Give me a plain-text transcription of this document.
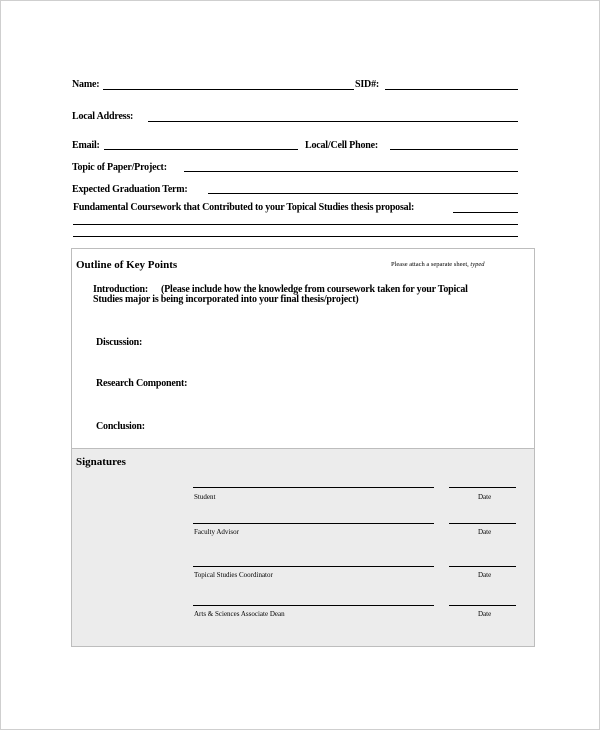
Name:	SID#:
Local Address:
Email:	Local/Cell Phone:
Topic of Paper/Project:
Expected Graduation Term:
Fundamental Coursework that Contributed to your Topical Studies thesis proposal:
Outline of Key Points	Please attach a separate sheet, typed
Introduction: (Please include how the knowledge from coursework taken for your Topical
Studies major is being incorporated into your final thesis/project)
Discussion:
Research Component:
Conclusion:
Signatures
Student	Date
Faculty Advisor	Date
Topical Studies Coordinator	Date
Arts & Sciences Associate Dean	Date
